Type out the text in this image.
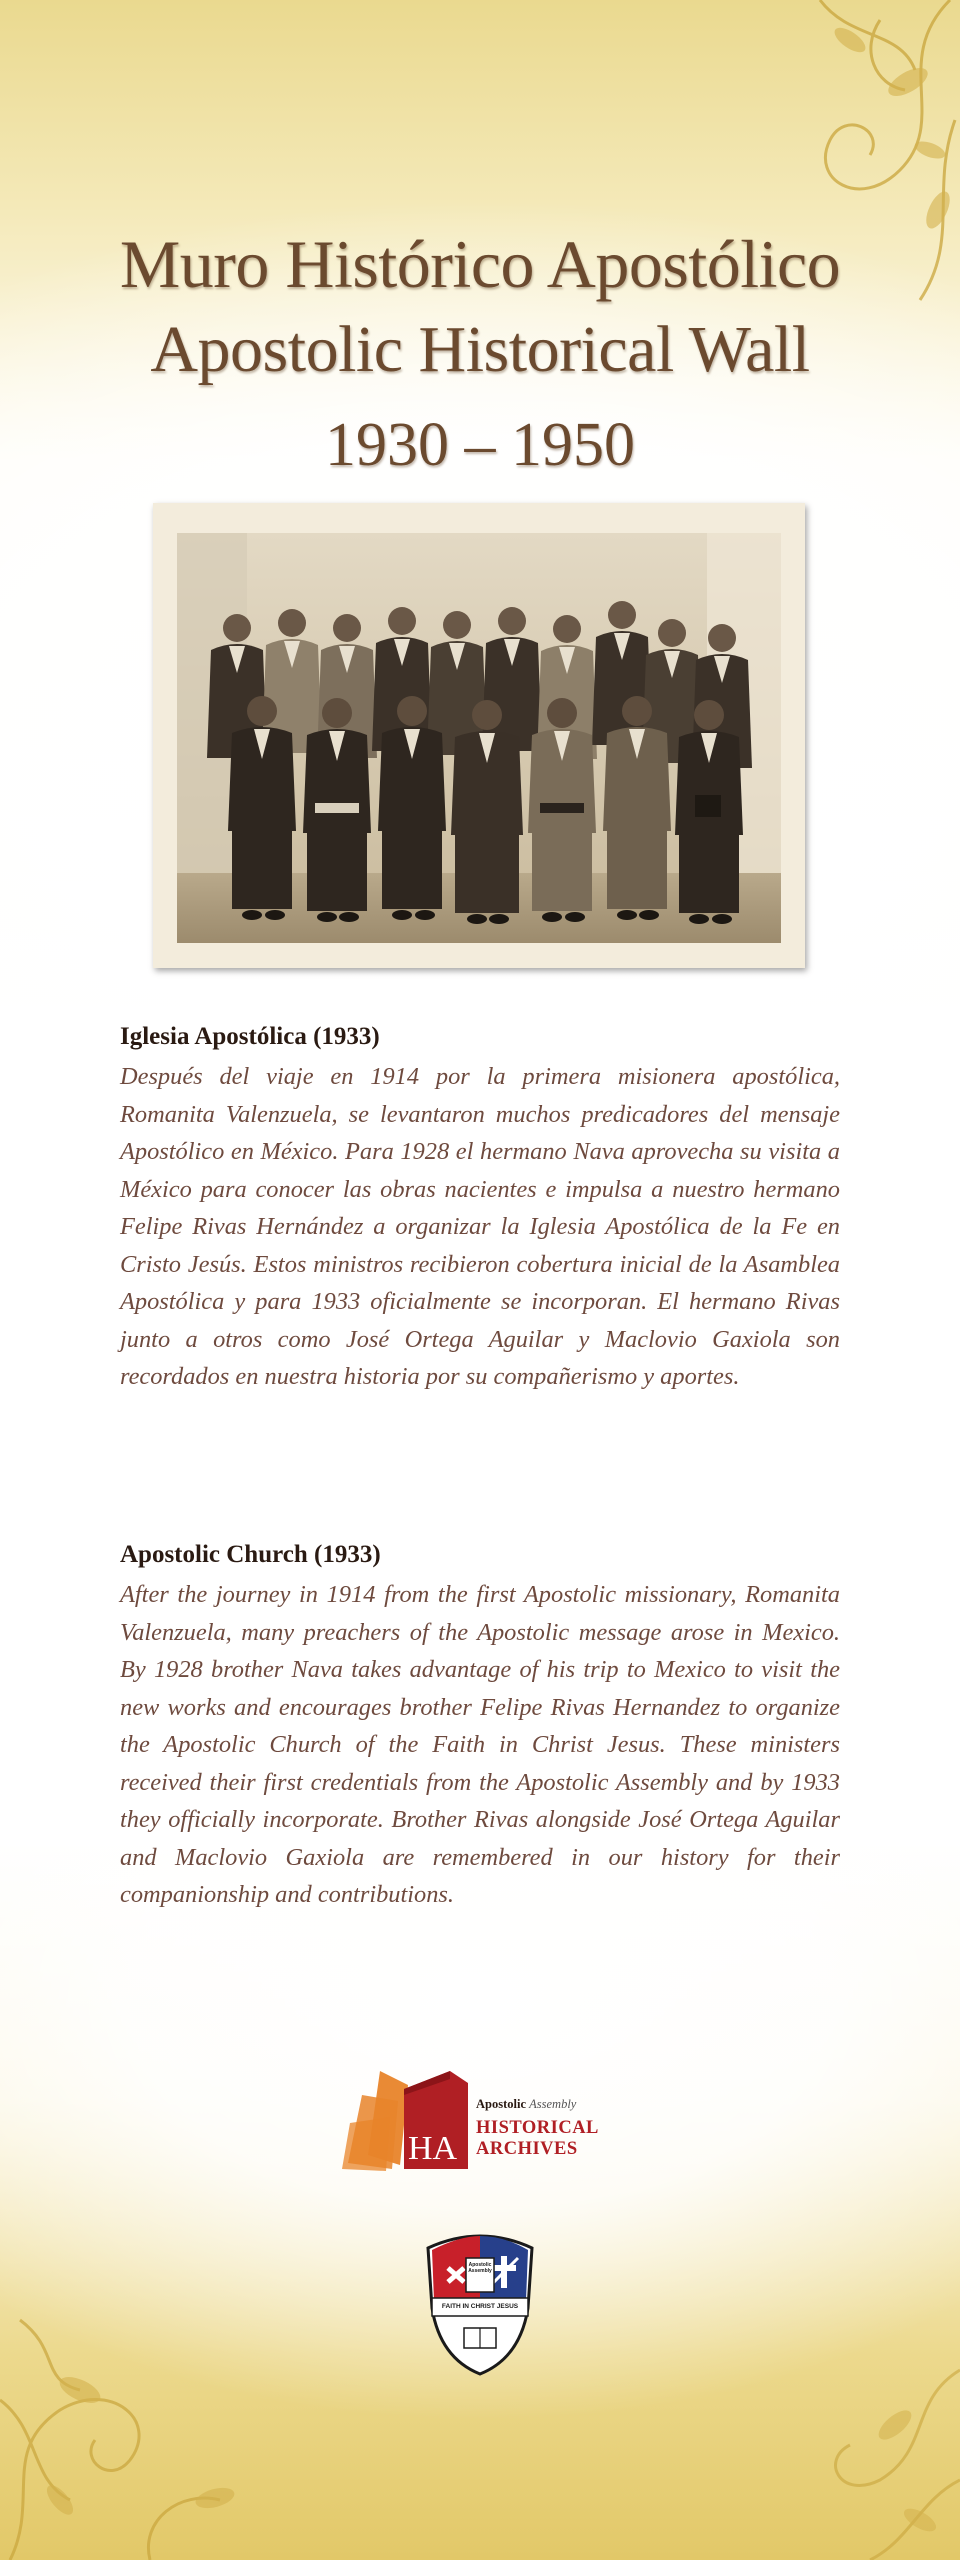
Muro Histórico Apostólico
Apostolic Historical Wall
1930 – 1950

Iglesia Apostólica (1933)

Después del viaje en 1914 por la primera misionera apostólica, Romanita Valenzuela, se levantaron muchos predicadores del mensaje Apostólico en México. Para 1928 el hermano Nava aprovecha su visita a México para conocer las obras nacientes e impulsa a nuestro hermano Felipe Rivas Hernández a organizar la Iglesia Apostólica de la Fe en Cristo Jesús. Estos ministros recibieron cobertura inicial de la Asamblea Apostólica y para 1933 oficialmente se incorporan. El hermano Rivas junto a otros como José Ortega Aguilar y Maclovio Gaxiola son recordados en nuestra historia por su compañerismo y aportes.

Apostolic Church (1933)

After the journey in 1914 from the first Apostolic missionary, Romanita Valenzuela, many preachers of the Apostolic message arose in Mexico. By 1928 brother Nava takes advantage of his trip to Mexico to visit the new works and encourages brother Felipe Rivas Hernandez to organize the Apostolic Church of the Faith in Christ Jesus. These ministers received their first credentials from the Apostolic Assembly and by 1933 they officially incorporate. Brother Rivas alongside José Ortega Aguilar and Maclovio Gaxiola are remembered in our history for their companionship and contributions.

HA
Apostolic Assembly
HISTORICAL
ARCHIVES
Apostolic Assembly
FAITH IN CHRIST JESUS
